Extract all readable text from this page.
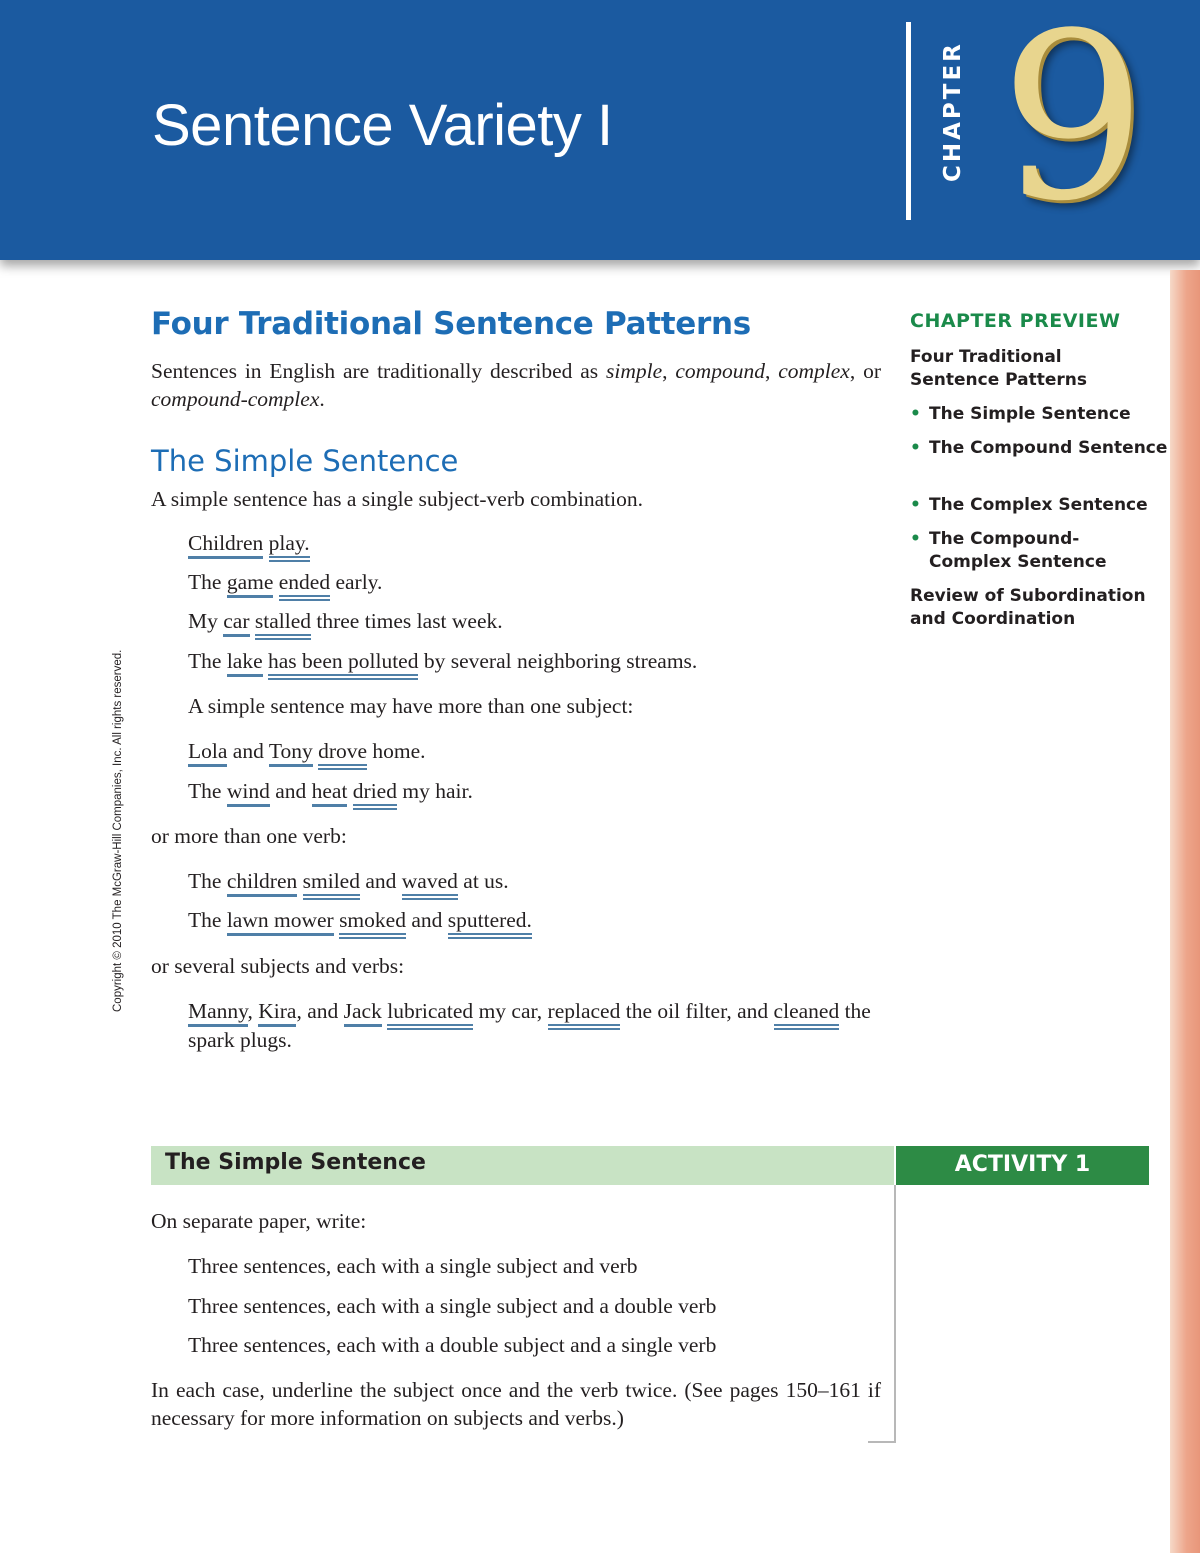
Sentence Variety I	CHAPTER 9
Copyright © 2010 The McGraw-Hill Companies, Inc. All rights reserved.
Four Traditional Sentence Patterns
Sentences in English are traditionally described as simple, compound, complex, or compound-complex.
The Simple Sentence
A simple sentence has a single subject-verb combination.
Children play.
The game ended early.
My car stalled three times last week.
The lake has been polluted by several neighboring streams.
A simple sentence may have more than one subject:
Lola and Tony drove home.
The wind and heat dried my hair.
or more than one verb:
The children smiled and waved at us.
The lawn mower smoked and sputtered.
or several subjects and verbs:
Manny, Kira, and Jack lubricated my car, replaced the oil filter, and cleaned the spark plugs.
CHAPTER PREVIEW
Four Traditional Sentence Patterns
• The Simple Sentence
• The Compound Sentence
• The Complex Sentence
• The Compound-Complex Sentence
Review of Subordination and Coordination
The Simple Sentence	ACTIVITY 1
On separate paper, write:
Three sentences, each with a single subject and verb
Three sentences, each with a single subject and a double verb
Three sentences, each with a double subject and a single verb
In each case, underline the subject once and the verb twice. (See pages 150–161 if necessary for more information on subjects and verbs.)
